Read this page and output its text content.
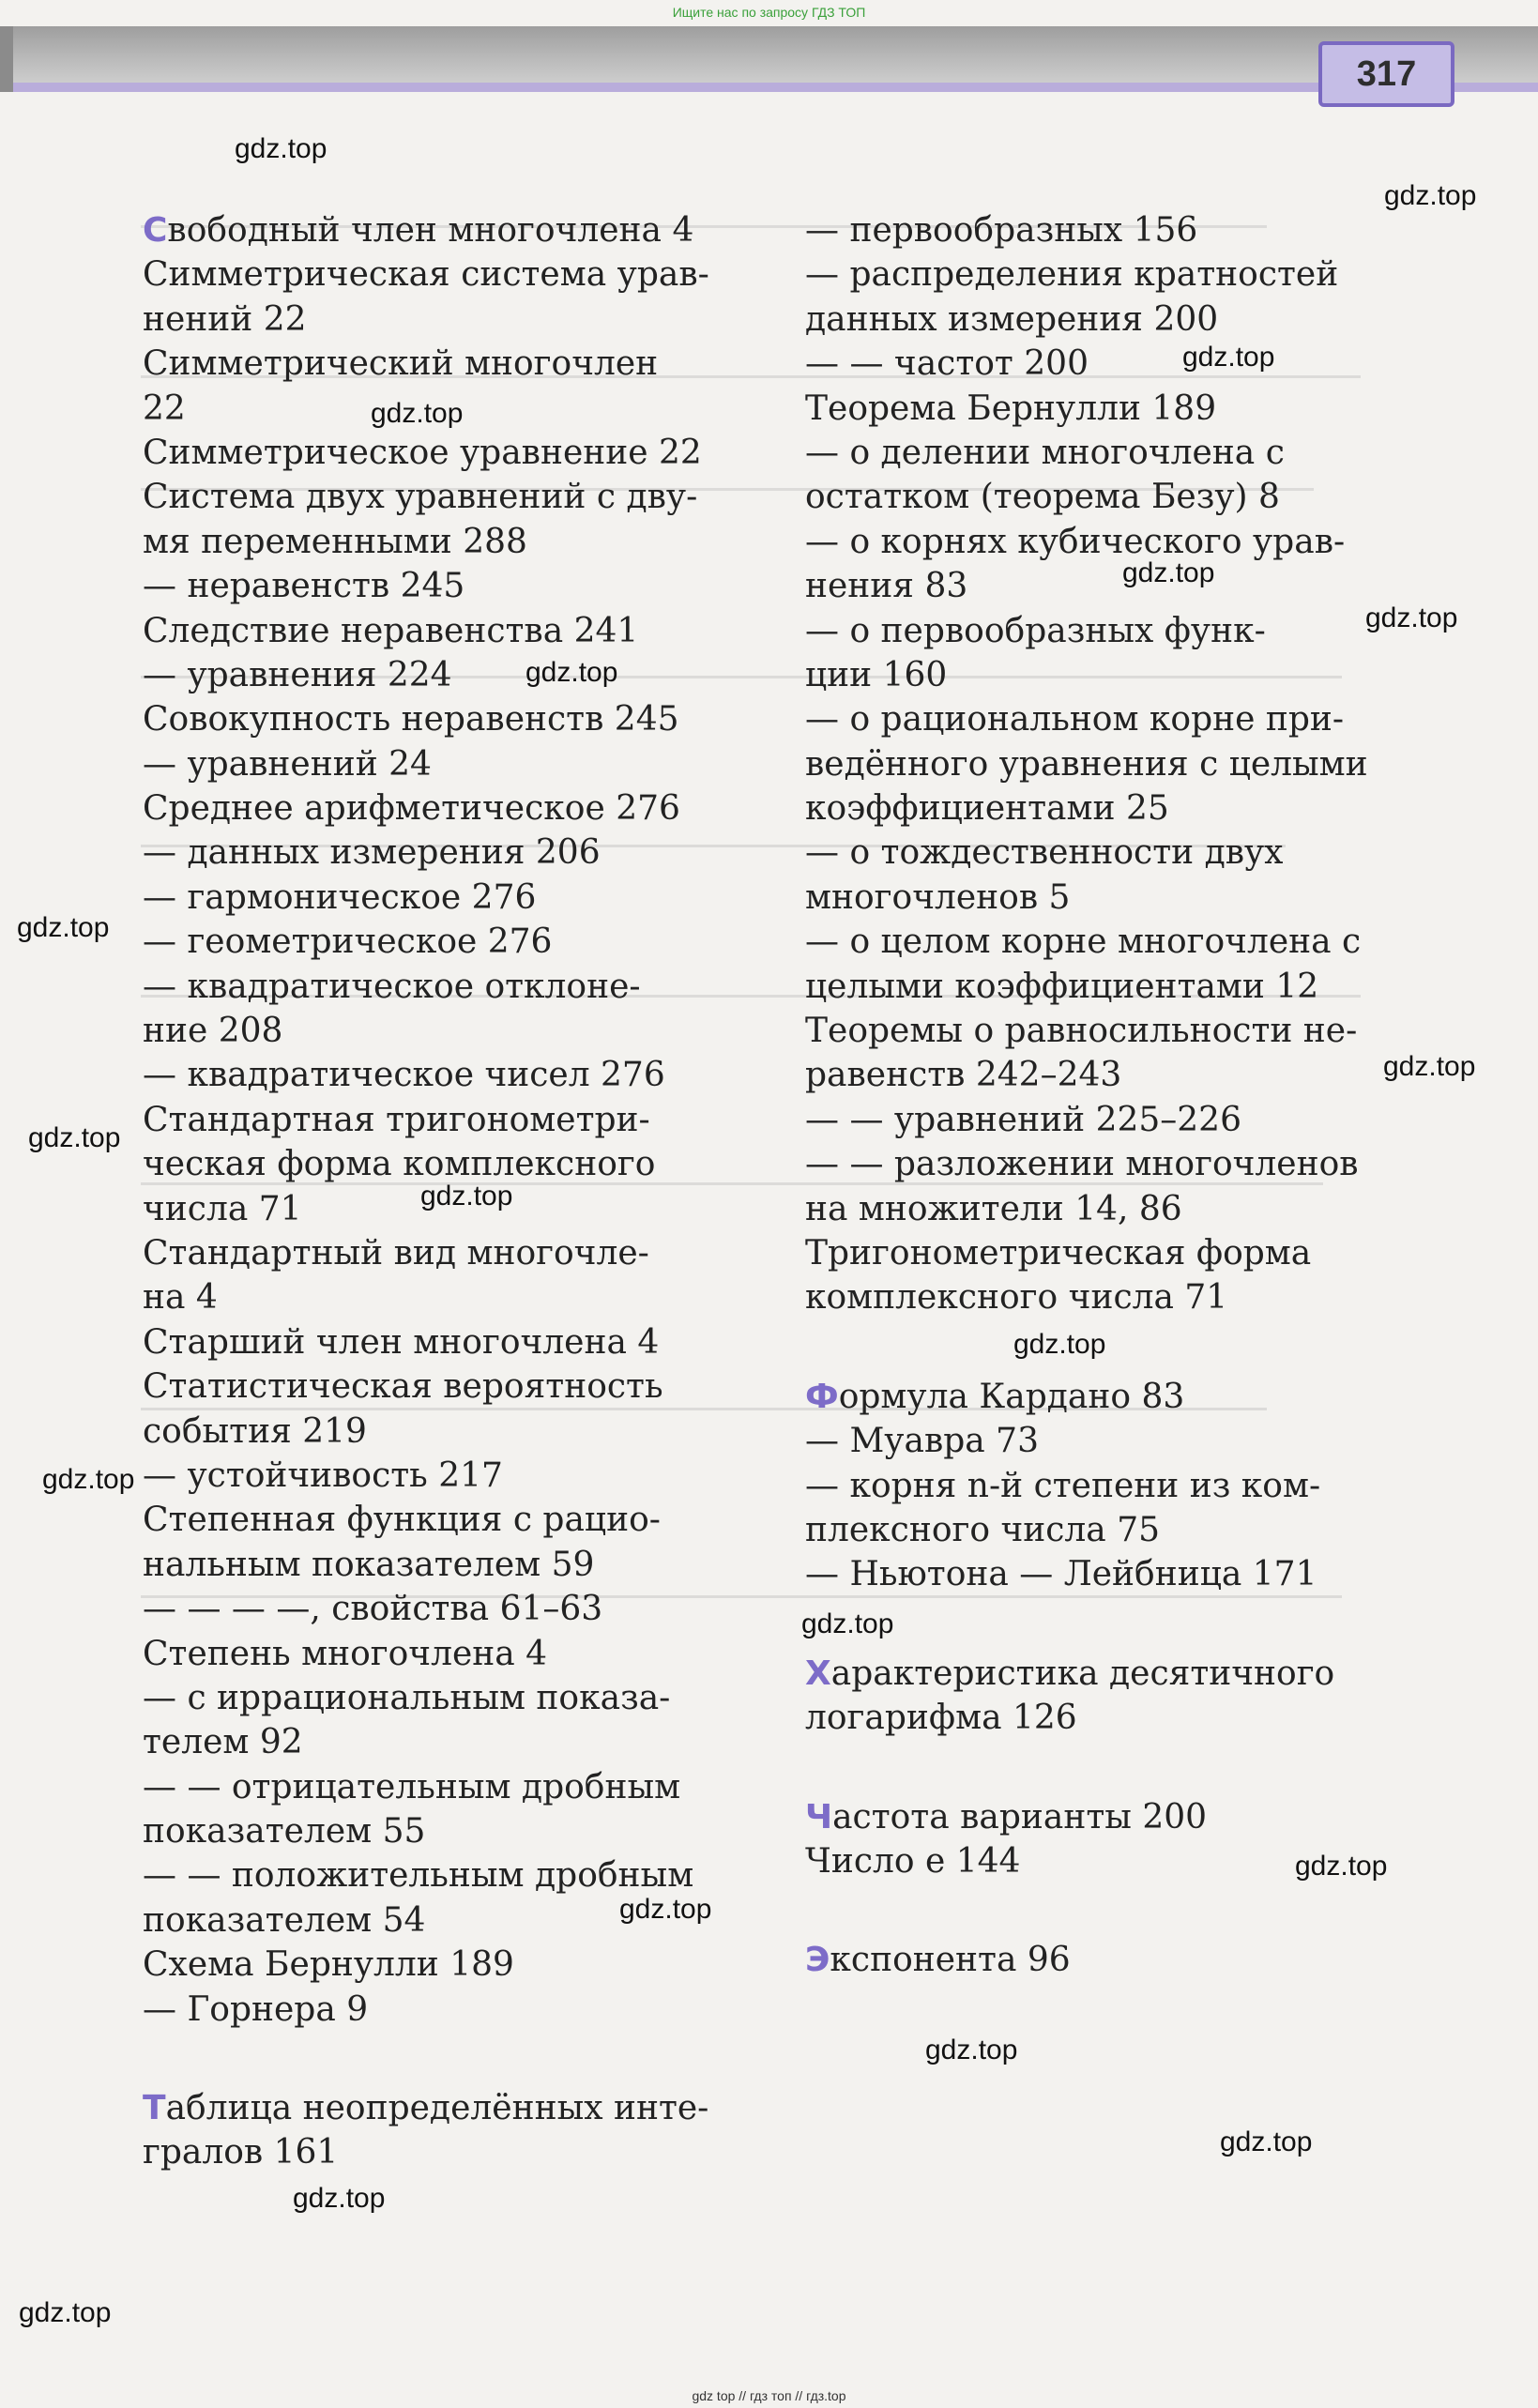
Ищите нас по запросу ГДЗ ТОП
317
Свободный член многочлена 4
Симметрическая система урав-
нений 22
Симметрический многочлен
22
Симметрическое уравнение 22
Система двух уравнений с дву-
мя переменными 288
— неравенств 245
Следствие неравенства 241
— уравнения 224
Совокупность неравенств 245
— уравнений 24
Среднее арифметическое 276
— данных измерения 206
— гармоническое 276
— геометрическое 276
— квадратическое отклоне-
ние 208
— квадратическое чисел 276
Стандартная тригонометри-
ческая форма комплексного
числа 71
Стандартный вид многочле-
на 4
Старший член многочлена 4
Статистическая вероятность
события 219
— устойчивость 217
Степенная функция с рацио-
нальным показателем 59
— — — —, свойства 61–63
Степень многочлена 4
— с иррациональным показа-
телем 92
— — отрицательным дробным
показателем 55
— — положительным дробным
показателем 54
Схема Бернулли 189
— Горнера 9
Таблица неопределённых инте-
гралов 161
— первообразных 156
— распределения кратностей
данных измерения 200
— — частот 200
Теорема Бернулли 189
— о делении многочлена с
остатком (теорема Безу) 8
— о корнях кубического урав-
нения 83
— о первообразных функ-
ции 160
— о рациональном корне при-
ведённого уравнения с целыми
коэффициентами 25
— о тождественности двух
многочленов 5
— о целом корне многочлена с
целыми коэффициентами 12
Теоремы о равносильности не-
равенств 242–243
— — уравнений 225–226
— — разложении многочленов
на множители 14, 86
Тригонометрическая форма
комплексного числа 71
Формула Кардано 83
— Муавра 73
— корня n-й степени из ком-
плексного числа 75
— Ньютона — Лейбница 171
Характеристика десятичного
логарифма 126
Частота варианты 200
Число e 144
Экспонента 96
gdz.top
gdz.top
gdz.top
gdz.top
gdz.top
gdz.top
gdz.top
gdz.top
gdz.top
gdz.top
gdz.top
gdz.top
gdz.top
gdz.top
gdz.top
gdz.top
gdz.top
gdz.top
gdz.top
gdz.top
gdz top // гдз топ // гдз.top
